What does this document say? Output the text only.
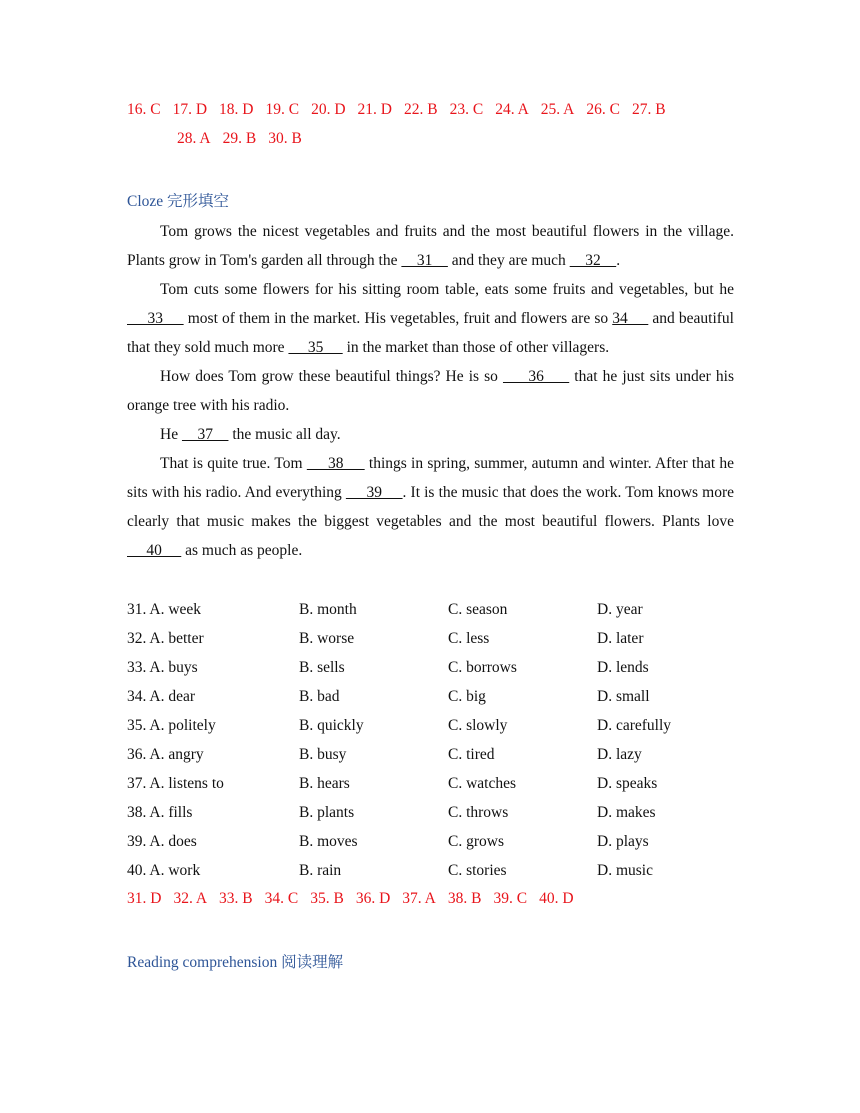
16. C 17. D 18. D 19. C 20. D 21. D 22. B 23. C 24. A 25. A 26. C 27. B
28. A 29. B 30. B
Cloze 完形填空

Tom grows the nicest vegetables and fruits and the most beautiful flowers in the village. Plants grow in Tom's garden all through the     31     and they are much     32    .

Tom cuts some flowers for his sitting room table, eats some fruits and vegetables, but he      33      most of them in the market. His vegetables, fruit and flowers are so 34      and beautiful that they sold much more      35      in the market than those of other villagers.

How does Tom grow these beautiful things? He is so      36      that he just sits under his orange tree with his radio.

He     37     the music all day.

That is quite true. Tom      38      things in spring, summer, autumn and winter. After that he sits with his radio. And everything      39     . It is the music that does the work. Tom knows more clearly that music makes the biggest vegetables and the most beautiful flowers. Plants love      40      as much as people.

31. A. week	B. month	C. season	D. year
32. A. better	B. worse	C. less	D. later
33. A. buys	B. sells	C. borrows	D. lends
34. A. dear	B. bad	C. big	D. small
35. A. politely	B. quickly	C. slowly	D. carefully
36. A. angry	B. busy	C. tired	D. lazy
37. A. listens to	B. hears	C. watches	D. speaks
38. A. fills	B. plants	C. throws	D. makes
39. A. does	B. moves	C. grows	D. plays
40. A. work	B. rain	C. stories	D. music
31. D 32. A 33. B 34. C 35. B 36. D 37. A 38. B 39. C 40. D
Reading comprehension 阅读理解
